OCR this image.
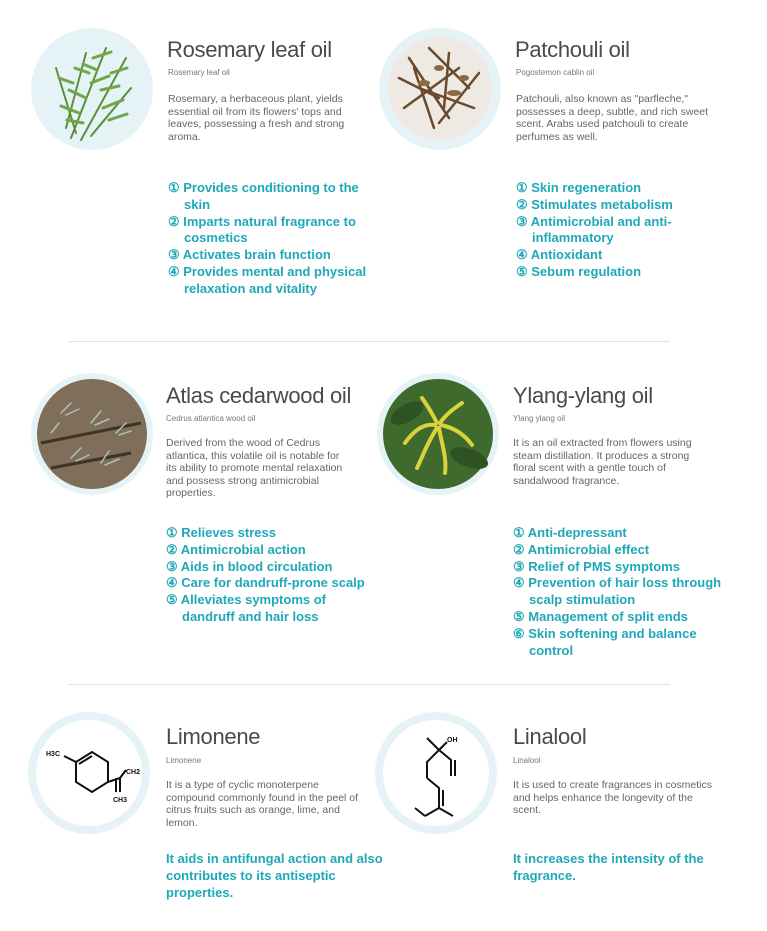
Rosemary leaf oil
Rosemary leaf oil
Rosemary, a herbaceous plant, yields essential oil from its flowers' tops and leaves, possessing a fresh and strong aroma.
① Provides conditioning to the skin
② Imparts natural fragrance to cosmetics
③ Activates brain function
④ Provides mental and physical relaxation and vitality
Patchouli oil
Pogostemon cablin oil
Patchouli, also known as "parfleche," possesses a deep, subtle, and rich sweet scent. Arabs used patchouli to create perfumes as well.
① Skin regeneration
② Stimulates metabolism
③ Antimicrobial and anti-inflammatory
④ Antioxidant
⑤ Sebum regulation
Atlas cedarwood oil
Cedrus atlantica wood oil
Derived from the wood of Cedrus atlantica, this volatile oil is notable for its ability to promote mental relaxation and possess strong antimicrobial properties.
① Relieves stress
② Antimicrobial action
③ Aids in blood circulation
④ Care for dandruff-prone scalp
⑤ Alleviates symptoms of dandruff and hair loss
Ylang-ylang oil
Ylang ylang oil
It is an oil extracted from flowers using steam distillation. It produces a strong floral scent with a gentle touch of sandalwood fragrance.
① Anti-depressant
② Antimicrobial effect
③ Relief of PMS symptoms
④ Prevention of hair loss through scalp stimulation
⑤ Management of split ends
⑥ Skin softening and balance control
H3C
CH2
CH3
Limonene
Limonene
It is a type of cyclic monoterpene compound commonly found in the peel of citrus fruits such as orange, lime, and lemon.
It aids in antifungal action and also contributes to its antiseptic properties.
OH	Linalool
Linalool
It is used to create fragrances in cosmetics and helps enhance the longevity of the scent.
It increases the intensity of the fragrance.
